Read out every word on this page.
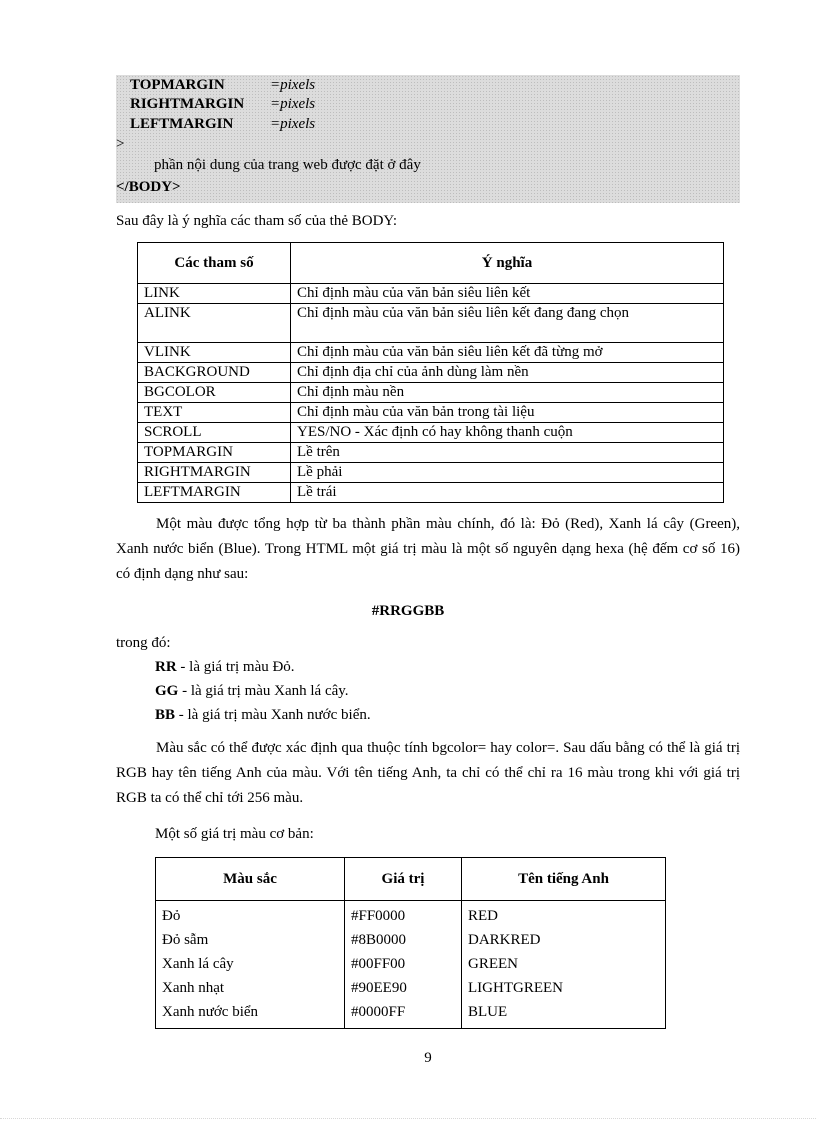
TOPMARGIN	=pixels
RIGHTMARGIN =pixels
LEFTMARGIN =pixels
>
phần nội dung của trang web được đặt ở đây
</BODY>
Sau đây là ý nghĩa các tham số của thẻ BODY:
Các tham số	Ý nghĩa
LINK	Chỉ định màu của văn bản siêu liên kết
ALINK	Chỉ định màu của văn bản siêu liên kết đang đang chọn
VLINK	Chỉ định màu của văn bản siêu liên kết đã từng mở
BACKGROUND	Chỉ định địa chỉ của ảnh dùng làm nền
BGCOLOR	Chỉ định màu nền
TEXT	Chỉ định màu của văn bản trong tài liệu
SCROLL	YES/NO - Xác định có hay không thanh cuộn
TOPMARGIN	Lề trên
RIGHTMARGIN	Lề phải
LEFTMARGIN	Lề trái
Một màu được tổng hợp từ ba thành phần màu chính, đó là: Đỏ (Red), Xanh lá cây (Green), Xanh nước biển (Blue). Trong HTML một giá trị màu là một số nguyên dạng hexa (hệ đếm cơ số 16) có định dạng như sau:
#RRGGBB
trong đó:
RR - là giá trị màu Đỏ.
GG - là giá trị màu Xanh lá cây.
BB - là giá trị màu Xanh nước biển.
Màu sắc có thể được xác định qua thuộc tính bgcolor= hay color=. Sau dấu bằng có thể là giá trị RGB hay tên tiếng Anh của màu. Với tên tiếng Anh, ta chỉ có thể chỉ ra 16 màu trong khi với giá trị RGB ta có thể chỉ tới 256 màu.
Một số giá trị màu cơ bản:
Màu sắc	Giá trị	Tên tiếng Anh
Đỏ	#FF0000	RED
Đỏ sẫm	#8B0000	DARKRED
Xanh lá cây	#00FF00	GREEN
Xanh nhạt	#90EE90	LIGHTGREEN
Xanh nước biển	#0000FF	BLUE
9
